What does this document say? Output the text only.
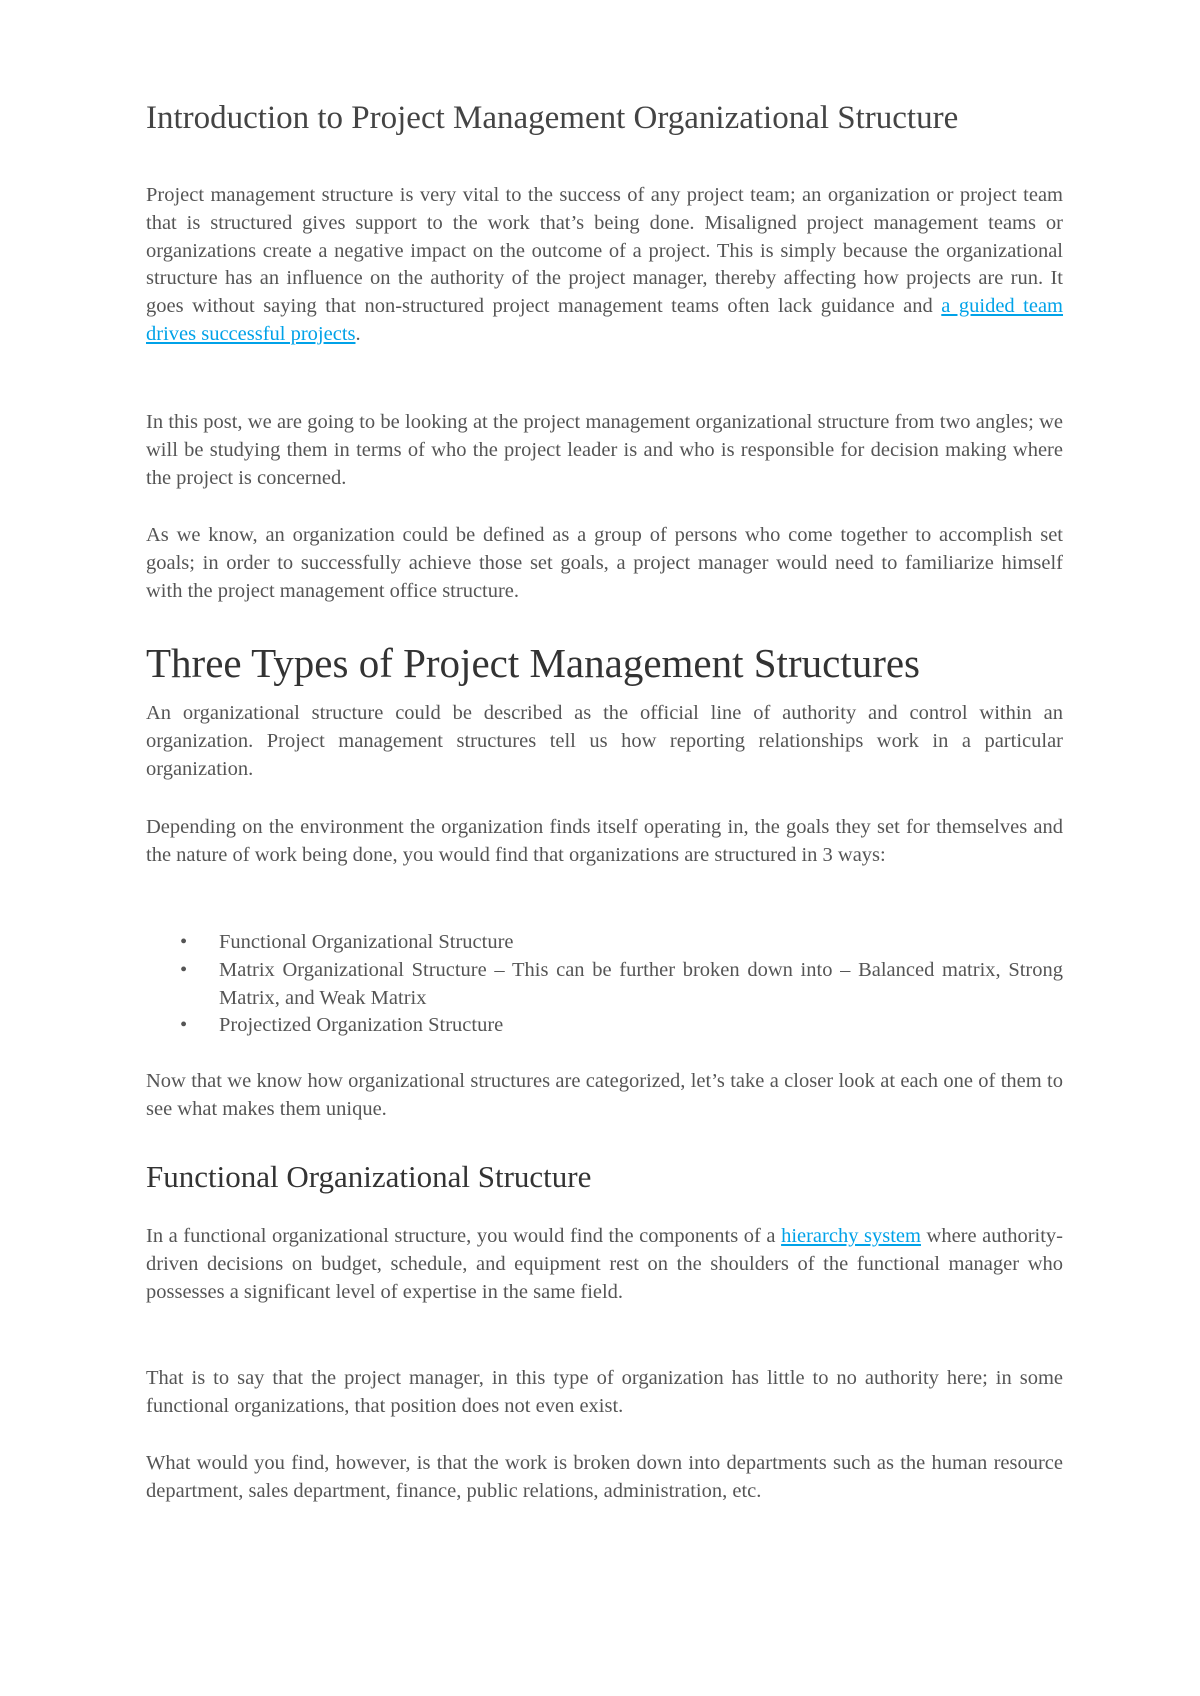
Introduction to Project Management Organizational Structure

Project management structure is very vital to the success of any project team; an organization or project team that is structured gives support to the work that’s being done. Misaligned project management teams or organizations create a negative impact on the outcome of a project. This is simply because the organizational structure has an influence on the authority of the project manager, thereby affecting how projects are run. It goes without saying that non-structured project management teams often lack guidance and a guided team drives successful projects.

In this post, we are going to be looking at the project management organizational structure from two angles; we will be studying them in terms of who the project leader is and who is responsible for decision making where the project is concerned.

As we know, an organization could be defined as a group of persons who come together to accomplish set goals; in order to successfully achieve those set goals, a project manager would need to familiarize himself with the project management office structure.

Three Types of Project Management Structures

An organizational structure could be described as the official line of authority and control within an organization. Project management structures tell us how reporting relationships work in a particular organization.

Depending on the environment the organization finds itself operating in, the goals they set for themselves and the nature of work being done, you would find that organizations are structured in 3 ways:

• Functional Organizational Structure
• Matrix Organizational Structure – This can be further broken down into – Balanced matrix, Strong Matrix, and Weak Matrix
• Projectized Organization Structure

Now that we know how organizational structures are categorized, let’s take a closer look at each one of them to see what makes them unique.

Functional Organizational Structure

In a functional organizational structure, you would find the components of a hierarchy system where authority-driven decisions on budget, schedule, and equipment rest on the shoulders of the functional manager who possesses a significant level of expertise in the same field.

That is to say that the project manager, in this type of organization has little to no authority here; in some functional organizations, that position does not even exist.

What would you find, however, is that the work is broken down into departments such as the human resource department, sales department, finance, public relations, administration, etc.
